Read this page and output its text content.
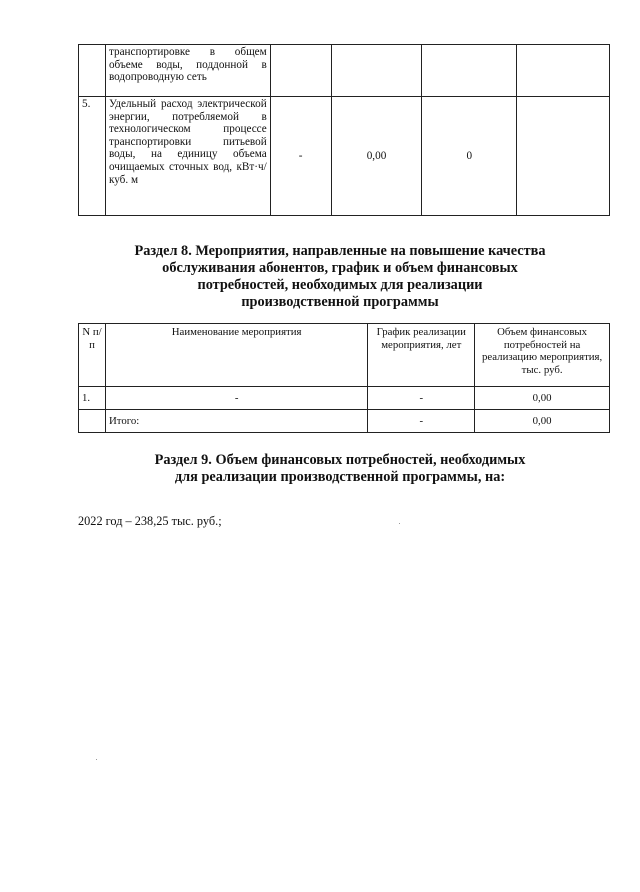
	транспортировке в общем объеме воды, поддонной в водопроводную сеть				
5.	Удельный расход электрической энергии, потребляемой в технологическом процессе транспортировки питьевой воды, на единицу объема очищаемых сточных вод, кВт·ч/куб. м	-	0,00	0	
Раздел 8. Мероприятия, направленные на повышение качества
обслуживания абонентов, график и объем финансовых
потребностей, необходимых для реализации
производственной программы
N п/п	Наименование мероприятия	График реализации мероприятия, лет	Объем финансовых потребностей на реализацию мероприятия, тыс. руб.
1.	-	-	0,00
	Итого:	-	0,00
Раздел 9. Объем финансовых потребностей, необходимых
для реализации производственной программы, на:
2022 год – 238,25 тыс. руб.;
